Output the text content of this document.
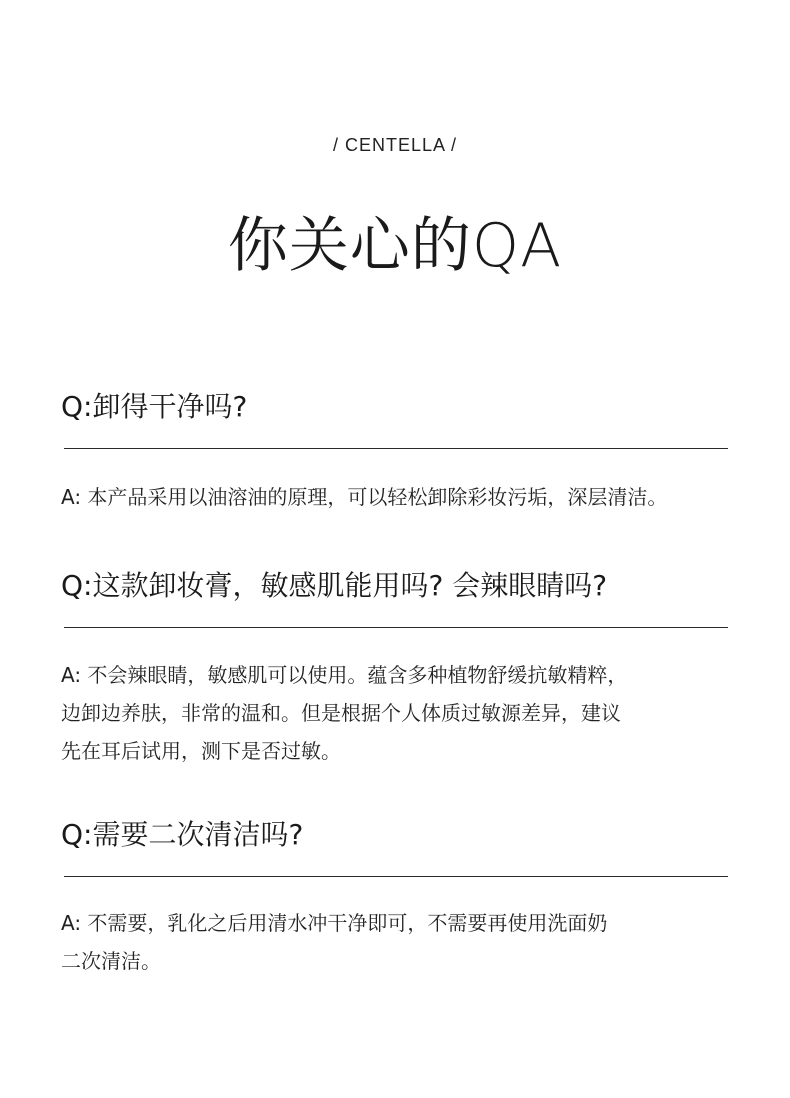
/ CENTELLA /
你关心的QA
Q:卸得干净吗?
A: 本产品采用以油溶油的原理，可以轻松卸除彩妆污垢，深层清洁。
Q:这款卸妆膏，敏感肌能用吗? 会辣眼睛吗?
A: 不会辣眼睛，敏感肌可以使用。蕴含多种植物舒缓抗敏精粹，
边卸边养肤，非常的温和。但是根据个人体质过敏源差异，建议
先在耳后试用，测下是否过敏。
Q:需要二次清洁吗?
A: 不需要，乳化之后用清水冲干净即可，不需要再使用洗面奶
二次清洁。
